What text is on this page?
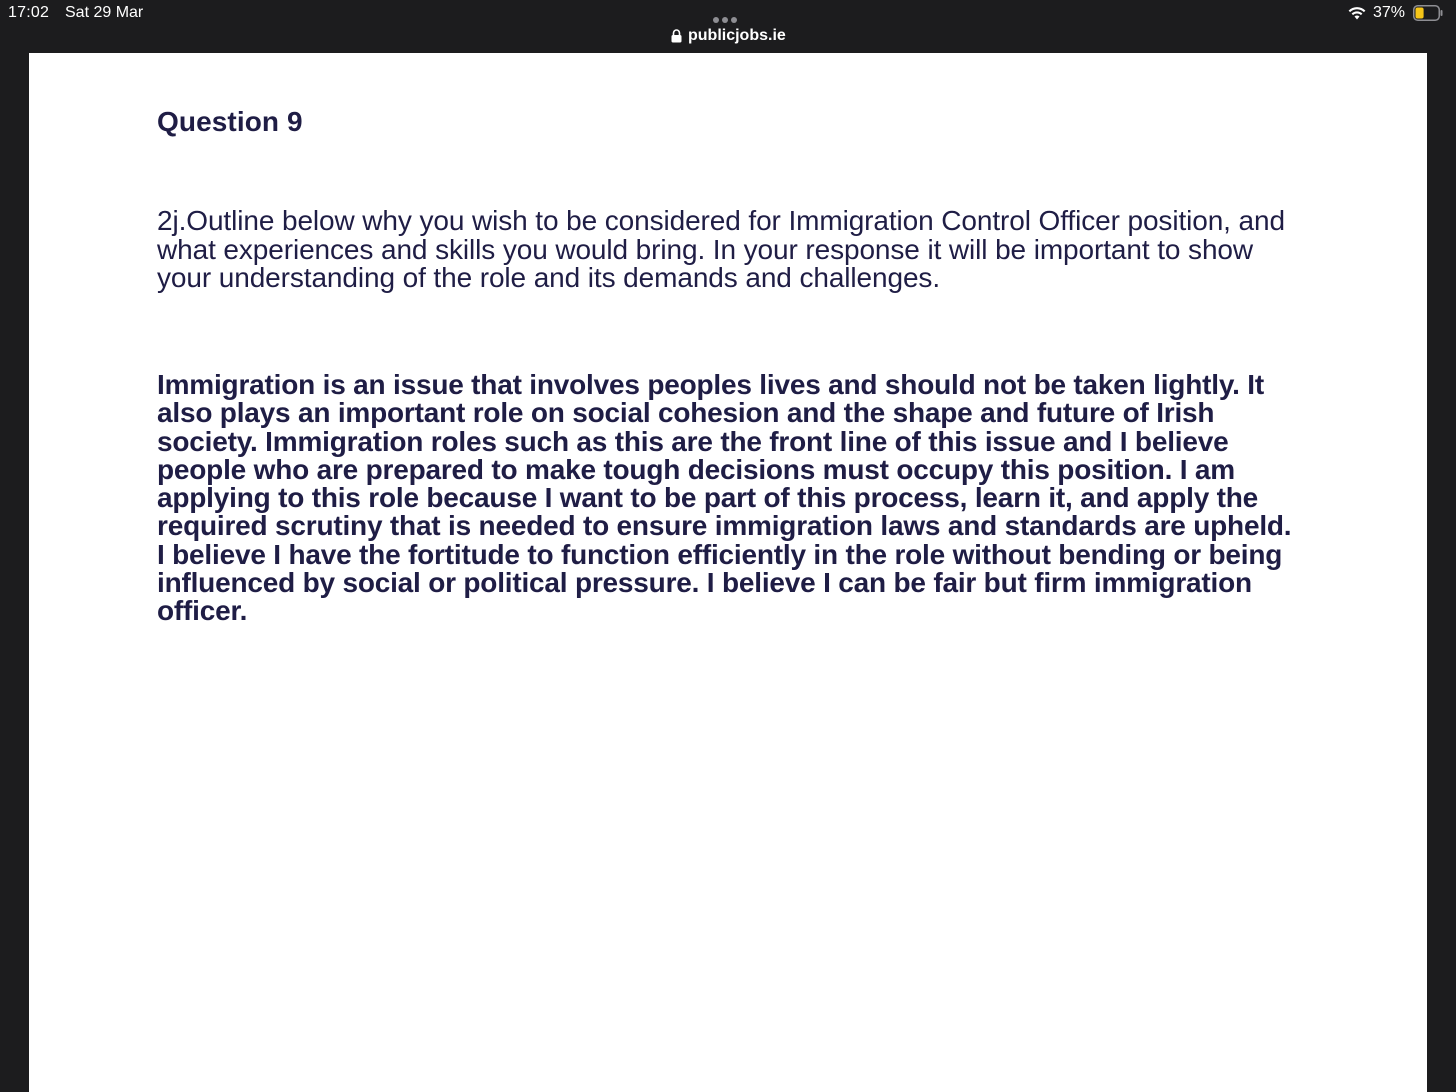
17:02 Sat 29 Mar	37%
publicjobs.ie
Question 9

2j.Outline below why you wish to be considered for Immigration Control Officer position, and what experiences and skills you would bring. In your response it will be important to show your understanding of the role and its demands and challenges.

Immigration is an issue that involves peoples lives and should not be taken lightly. It also plays an important role on social cohesion and the shape and future of Irish society. Immigration roles such as this are the front line of this issue and I believe people who are prepared to make tough decisions must occupy this position. I am applying to this role because I want to be part of this process, learn it, and apply the required scrutiny that is needed to ensure immigration laws and standards are upheld. I believe I have the fortitude to function efficiently in the role without bending or being influenced by social or political pressure. I believe I can be fair but firm immigration officer.
